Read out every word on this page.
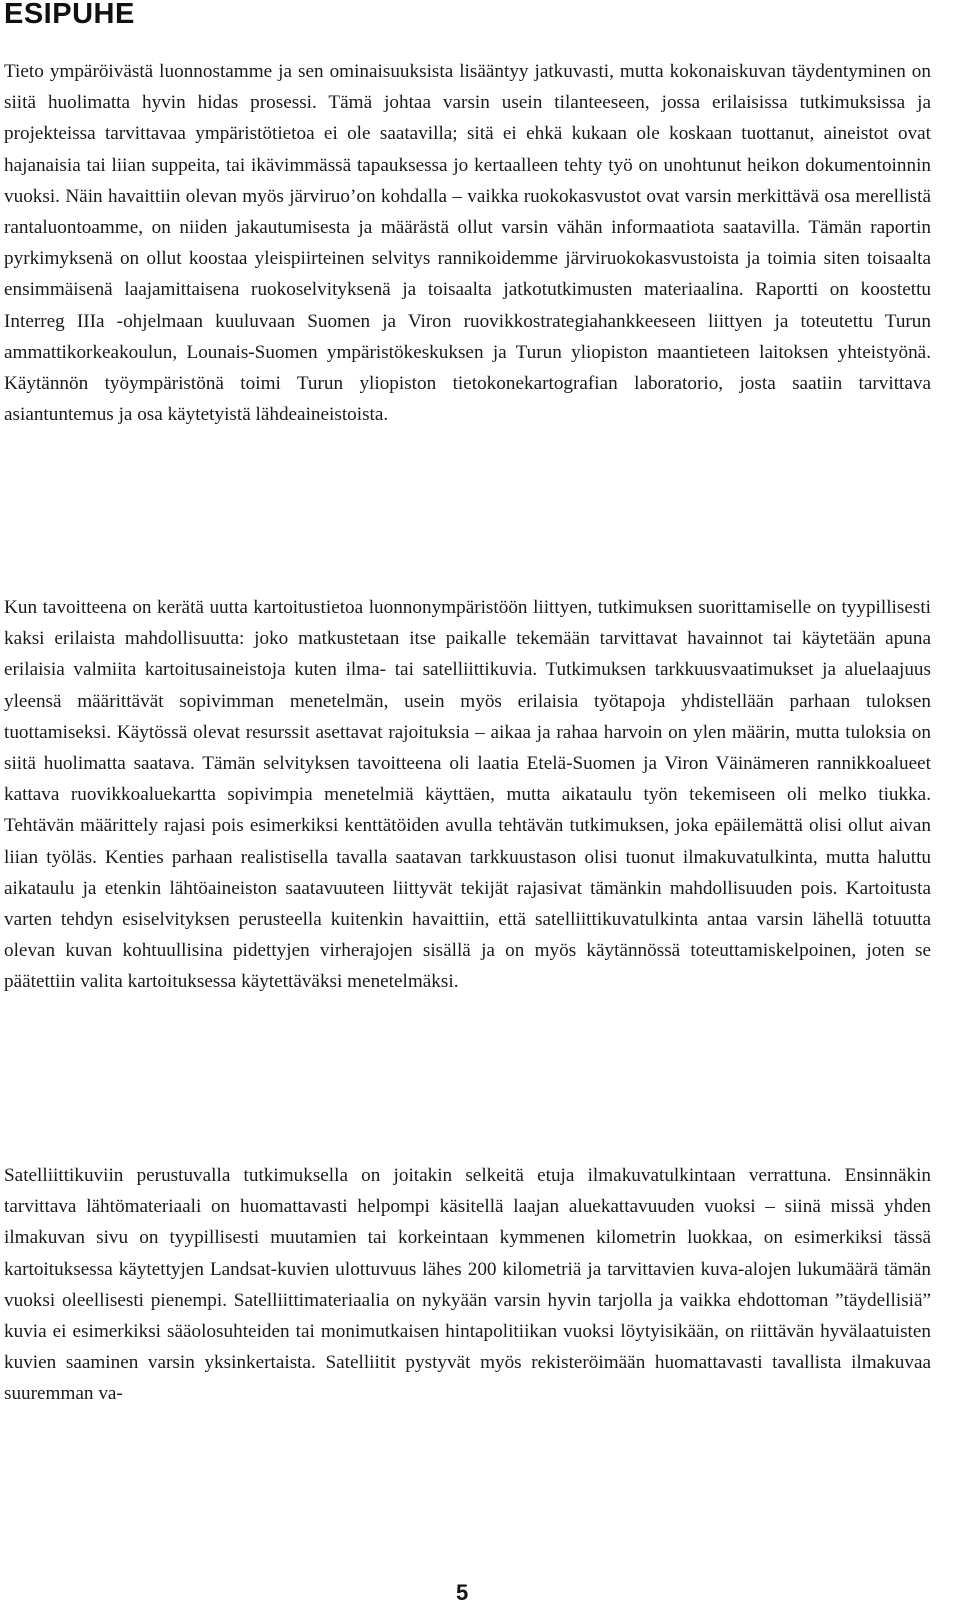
ESIPUHE

Tieto ympäröivästä luonnostamme ja sen ominaisuuksista lisääntyy jatkuvasti, mutta kokonaiskuvan täydentyminen on siitä huolimatta hyvin hidas prosessi. Tämä johtaa varsin usein tilanteeseen, jossa erilaisissa tutkimuksissa ja projekteissa tarvittavaa ympäristötietoa ei ole saatavilla; sitä ei ehkä kukaan ole koskaan tuottanut, aineistot ovat hajanaisia tai liian suppeita, tai ikävimmässä tapauksessa jo kertaalleen tehty työ on unohtunut heikon dokumentoinnin vuoksi. Näin havaittiin olevan myös järviruo’on kohdalla – vaikka ruokokasvustot ovat varsin merkittävä osa merellistä rantaluontoamme, on niiden jakautumisesta ja määrästä ollut varsin vähän informaatiota saatavilla. Tämän raportin pyrkimyksenä on ollut koostaa yleispiirteinen selvitys rannikoidemme järviruokokasvustoista ja toimia siten toisaalta ensimmäisenä laajamittaisena ruokoselvityksenä ja toisaalta jatkotutkimusten materiaalina. Raportti on koostettu Interreg IIIa -ohjelmaan kuuluvaan Suomen ja Viron ruovikkostrategiahankkeeseen liittyen ja toteutettu Turun ammattikorkeakoulun, Lounais-Suomen ympäristökeskuksen ja Turun yliopiston maantieteen laitoksen yhteistyönä. Käytännön työympäristönä toimi Turun yliopiston tietokonekartografian laboratorio, josta saatiin tarvittava asiantuntemus ja osa käytetyistä lähdeaineistoista.

Kun tavoitteena on kerätä uutta kartoitustietoa luonnonympäristöön liittyen, tutkimuksen suorittamiselle on tyypillisesti kaksi erilaista mahdollisuutta: joko matkustetaan itse paikalle tekemään tarvittavat havainnot tai käytetään apuna erilaisia valmiita kartoitusaineistoja kuten ilma- tai satelliittikuvia. Tutkimuksen tarkkuusvaatimukset ja aluelaajuus yleensä määrittävät sopivimman menetelmän, usein myös erilaisia työtapoja yhdistellään parhaan tuloksen tuottamiseksi. Käytössä olevat resurssit asettavat rajoituksia – aikaa ja rahaa harvoin on ylen määrin, mutta tuloksia on siitä huolimatta saatava. Tämän selvityksen tavoitteena oli laatia Etelä-Suomen ja Viron Väinämeren rannikkoalueet kattava ruovikkoaluekartta sopivimpia menetelmiä käyttäen, mutta aikataulu työn tekemiseen oli melko tiukka. Tehtävän määrittely rajasi pois esimerkiksi kenttätöiden avulla tehtävän tutkimuksen, joka epäilemättä olisi ollut aivan liian työläs. Kenties parhaan realistisella tavalla saatavan tarkkuustason olisi tuonut ilmakuvatulkinta, mutta haluttu aikataulu ja etenkin lähtöaineiston saatavuuteen liittyvät tekijät rajasivat tämänkin mahdollisuuden pois. Kartoitusta varten tehdyn esiselvityksen perusteella kuitenkin havaittiin, että satelliittikuvatulkinta antaa varsin lähellä totuutta olevan kuvan kohtuullisina pidettyjen virherajojen sisällä ja on myös käytännössä toteuttamiskelpoinen, joten se päätettiin valita kartoituksessa käytettäväksi menetelmäksi.

Satelliittikuviin perustuvalla tutkimuksella on joitakin selkeitä etuja ilmakuvatulkintaan verrattuna. Ensinnäkin tarvittava lähtömateriaali on huomattavasti helpompi käsitellä laajan aluekattavuuden vuoksi – siinä missä yhden ilmakuvan sivu on tyypillisesti muutamien tai korkeintaan kymmenen kilometrin luokkaa, on esimerkiksi tässä kartoituksessa käytettyjen Landsat-kuvien ulottuvuus lähes 200 kilometriä ja tarvittavien kuva-alojen lukumäärä tämän vuoksi oleellisesti pienempi. Satelliittimateriaalia on nykyään varsin hyvin tarjolla ja vaikka ehdottoman ”täydellisiä” kuvia ei esimerkiksi sääolosuhteiden tai monimutkaisen hintapolitiikan vuoksi löytyisikään, on riittävän hyvälaatuisten kuvien saaminen varsin yksinkertaista. Satelliitit pystyvät myös rekisteröimään huomattavasti tavallista ilmakuvaa suuremman va-

5
